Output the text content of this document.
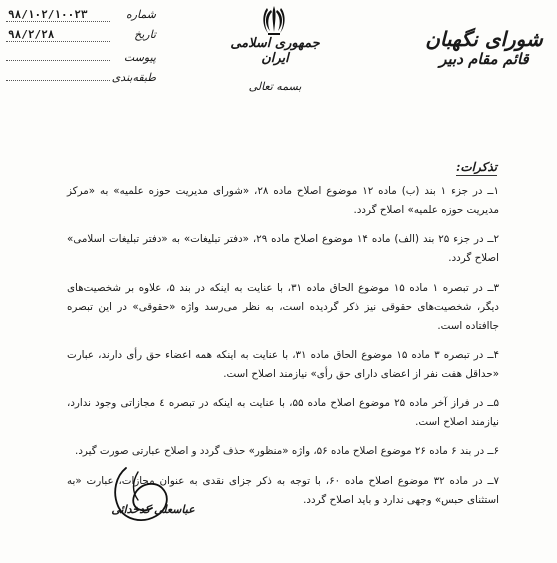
شماره
۹۸/۱۰۲/۱۰۰۲۳
تاریخ
۹۸/۲/۲۸
پیوست
طبقه‌بندی
جمهوری اسلامی ایران
بسمه تعالی
شورای نگهبان
قائم مقام دبیر
تذکرات:

۱ــ در جزء ۱ بند (ب) ماده ۱۲ موضوع اصلاح ماده ۲۸، «شورای مدیریت حوزه علمیه» به «مرکز مدیریت حوزه علمیه» اصلاح گردد.

۲ــ در جزء ۲۵ بند (الف) ماده ۱۴ موضوع اصلاح ماده ۲۹، «دفتر تبلیغات» به «دفتر تبلیغات اسلامی» اصلاح گردد.

۳ــ در تبصره ۱ ماده ۱۵ موضوع الحاق ماده ۳۱، با عنایت به اینکه در بند ۵، علاوه بر شخصیت‌های دیگر، شخصیت‌های حقوقی نیز ذکر گردیده است، به نظر می‌رسد واژه «حقوقی» در این تبصره جاافتاده است.

۴ــ در تبصره ۳ ماده ۱۵ موضوع الحاق ماده ۳۱، با عنایت به اینکه همه اعضاء حق رأی دارند، عبارت «حداقل هفت نفر از اعضای دارای حق رأی» نیازمند اصلاح است.

۵ــ در فراز آخر ماده ۲۵ موضوع اصلاح ماده ۵۵، با عنایت به اینکه در تبصره ٤ مجازاتی وجود ندارد، نیازمند اصلاح است.

۶ــ در بند ۶ ماده ۲۶ موضوع اصلاح ماده ۵۶، واژه «منظور» حذف گردد و اصلاح عبارتی صورت گیرد.

۷ــ در ماده ۳۲ موضوع اصلاح ماده ۶۰، با توجه به ذکر جزای نقدی به عنوان مجازات، عبارت «به استثنای حبس» وجهی ندارد و باید اصلاح گردد.

عباسعلی کدخدائی
